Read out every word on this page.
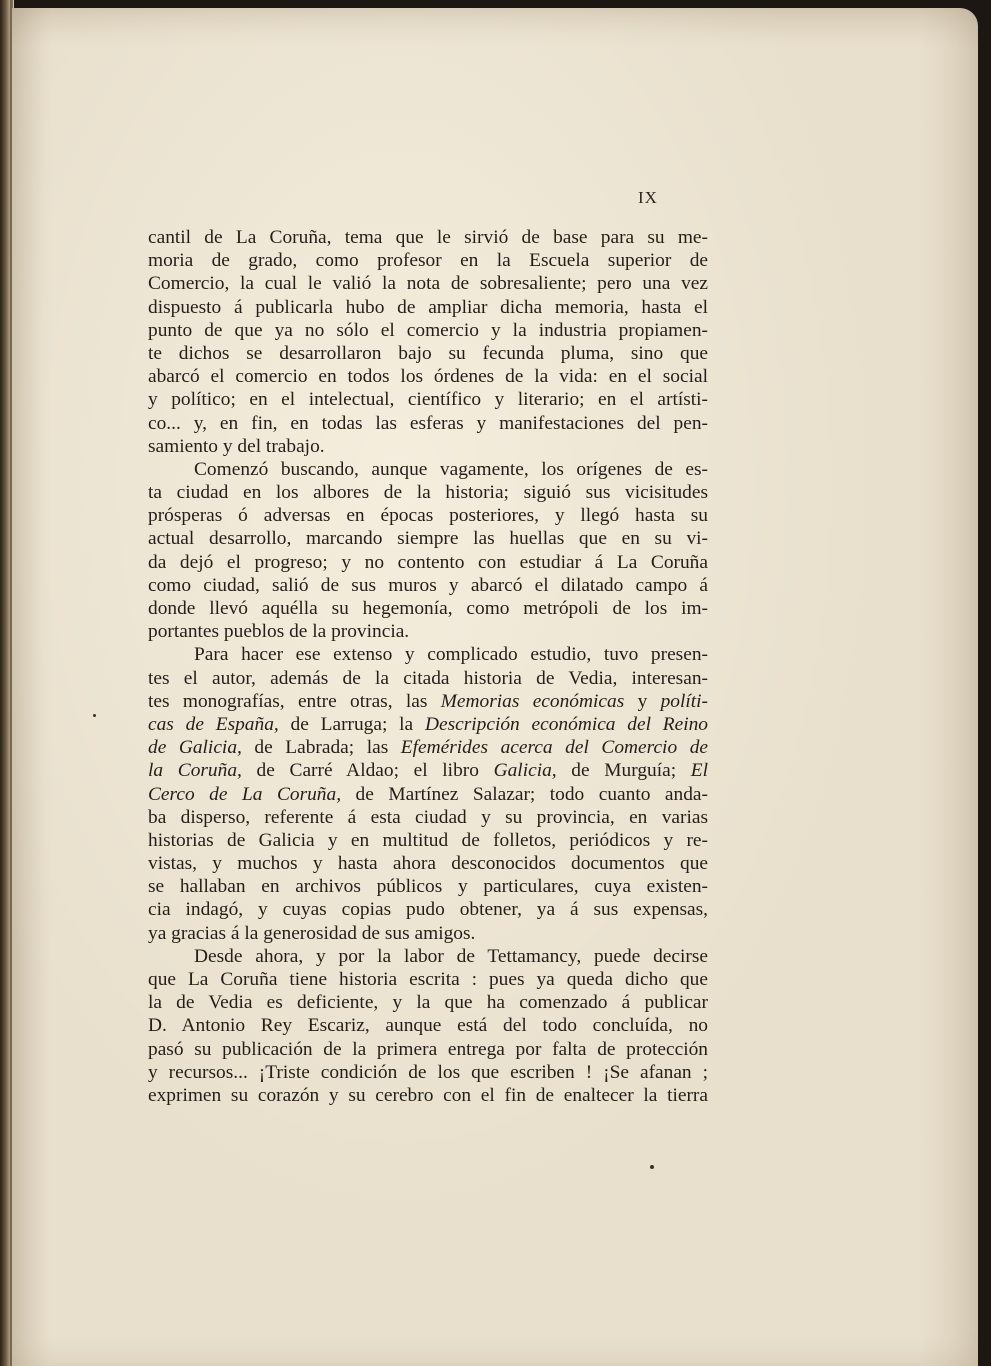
IX
cantil de La Coruña, tema que le sirvió de base para su me-
moria de grado, como profesor en la Escuela superior de
Comercio, la cual le valió la nota de sobresaliente; pero una vez
dispuesto á publicarla hubo de ampliar dicha memoria, hasta el
punto de que ya no sólo el comercio y la industria propiamen-
te dichos se desarrollaron bajo su fecunda pluma, sino que
abarcó el comercio en todos los órdenes de la vida: en el social
y político; en el intelectual, científico y literario; en el artísti-
co... y, en fin, en todas las esferas y manifestaciones del pen-
samiento y del trabajo.
Comenzó buscando, aunque vagamente, los orígenes de es-
ta ciudad en los albores de la historia; siguió sus vicisitudes
prósperas ó adversas en épocas posteriores, y llegó hasta su
actual desarrollo, marcando siempre las huellas que en su vi-
da dejó el progreso; y no contento con estudiar á La Coruña
como ciudad, salió de sus muros y abarcó el dilatado campo á
donde llevó aquélla su hegemonía, como metrópoli de los im-
portantes pueblos de la provincia.
Para hacer ese extenso y complicado estudio, tuvo presen-
tes el autor, además de la citada historia de Vedia, interesan-
tes monografías, entre otras, las Memorias económicas y políti-
cas de España, de Larruga; la Descripción económica del Reino
de Galicia, de Labrada; las Efemérides acerca del Comercio de
la Coruña, de Carré Aldao; el libro Galicia, de Murguía; El
Cerco de La Coruña, de Martínez Salazar; todo cuanto anda-
ba disperso, referente á esta ciudad y su provincia, en varias
historias de Galicia y en multitud de folletos, periódicos y re-
vistas, y muchos y hasta ahora desconocidos documentos que
se hallaban en archivos públicos y particulares, cuya existen-
cia indagó, y cuyas copias pudo obtener, ya á sus expensas,
ya gracias á la generosidad de sus amigos.
Desde ahora, y por la labor de Tettamancy, puede decirse
que La Coruña tiene historia escrita : pues ya queda dicho que
la de Vedia es deficiente, y la que ha comenzado á publicar
D. Antonio Rey Escariz, aunque está del todo concluída, no
pasó su publicación de la primera entrega por falta de protección
y recursos... ¡Triste condición de los que escriben ! ¡Se afanan ;
exprimen su corazón y su cerebro con el fin de enaltecer la tierra
